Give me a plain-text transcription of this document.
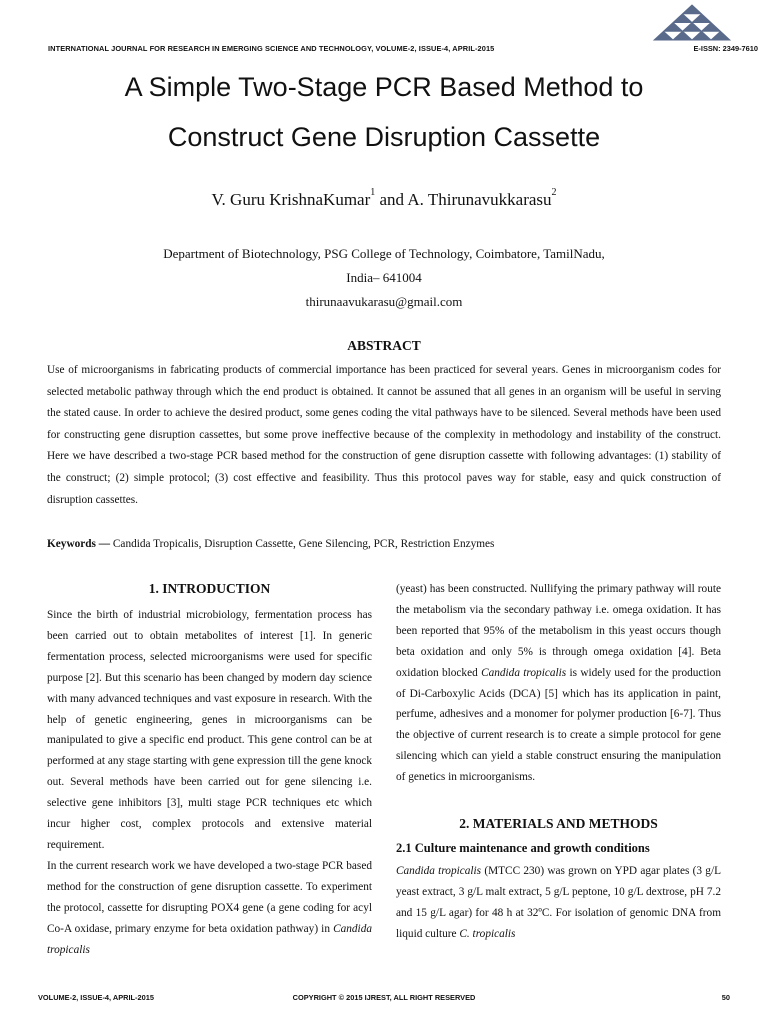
INTERNATIONAL JOURNAL FOR RESEARCH IN EMERGING SCIENCE AND TECHNOLOGY, VOLUME-2, ISSUE-4, APRIL-2015	E-ISSN: 2349-7610
A Simple Two-Stage PCR Based Method to
Construct Gene Disruption Cassette
V. Guru KrishnaKumar$^1$ and A. Thirunavukkarasu$^2$
Department of Biotechnology, PSG College of Technology, Coimbatore, TamilNadu,
India– 641004
thirunaavukarasu@gmail.com
ABSTRACT

Use of microorganisms in fabricating products of commercial importance has been practiced for several years. Genes in microorganism codes for selected metabolic pathway through which the end product is obtained. It cannot be assuned that all genes in an organism will be useful in serving the stated cause. In order to achieve the desired product, some genes coding the vital pathways have to be silenced. Several methods have been used for constructing gene disruption cassettes, but some prove ineffective because of the complexity in methodology and instability of the construct. Here we have described a two-stage PCR based method for the construction of gene disruption cassette with following advantages: (1) stability of the construct; (2) simple protocol; (3) cost effective and feasibility. Thus this protocol paves way for stable, easy and quick construction of disruption cassettes.

Keywords — Candida Tropicalis, Disruption Cassette, Gene Silencing, PCR, Restriction Enzymes

1. INTRODUCTION

Since the birth of industrial microbiology, fermentation process has been carried out to obtain metabolites of interest [1]. In generic fermentation process, selected microorganisms were used for specific purpose [2]. But this scenario has been changed by modern day science with many advanced techniques and vast exposure in research. With the help of genetic engineering, genes in microorganisms can be manipulated to give a specific end product. This gene control can be at performed at any stage starting with gene expression till the gene knock out. Several methods have been carried out for gene silencing i.e. selective gene inhibitors [3], multi stage PCR techniques etc which incur higher cost, complex protocols and extensive material requirement.

In the current research work we have developed a two-stage PCR based method for the construction of gene disruption cassette. To experiment the protocol, cassette for disrupting POX4 gene (a gene coding for acyl Co-A oxidase, primary enzyme for beta oxidation pathway) in Candida tropicalis

(yeast) has been constructed. Nullifying the primary pathway will route the metabolism via the secondary pathway i.e. omega oxidation. It has been reported that 95% of the metabolism in this yeast occurs though beta oxidation and only 5% is through omega oxidation [4]. Beta oxidation blocked Candida tropicalis is widely used for the production of Di-Carboxylic Acids (DCA) [5] which has its application in paint, perfume, adhesives and a monomer for polymer production [6-7]. Thus the objective of current research is to create a simple protocol for gene silencing which can yield a stable construct ensuring the manipulation of genetics in microorganisms.

2. MATERIALS AND METHODS

2.1 Culture maintenance and growth conditions

Candida tropicalis (MTCC 230) was grown on YPD agar plates (3 g/L yeast extract, 3 g/L malt extract, 5 g/L peptone, 10 g/L dextrose, pH 7.2 and 15 g/L agar) for 48 h at 32ºC. For isolation of genomic DNA from liquid culture C. tropicalis

VOLUME-2, ISSUE-4, APRIL-2015	COPYRIGHT © 2015 IJREST, ALL RIGHT RESERVED	50
